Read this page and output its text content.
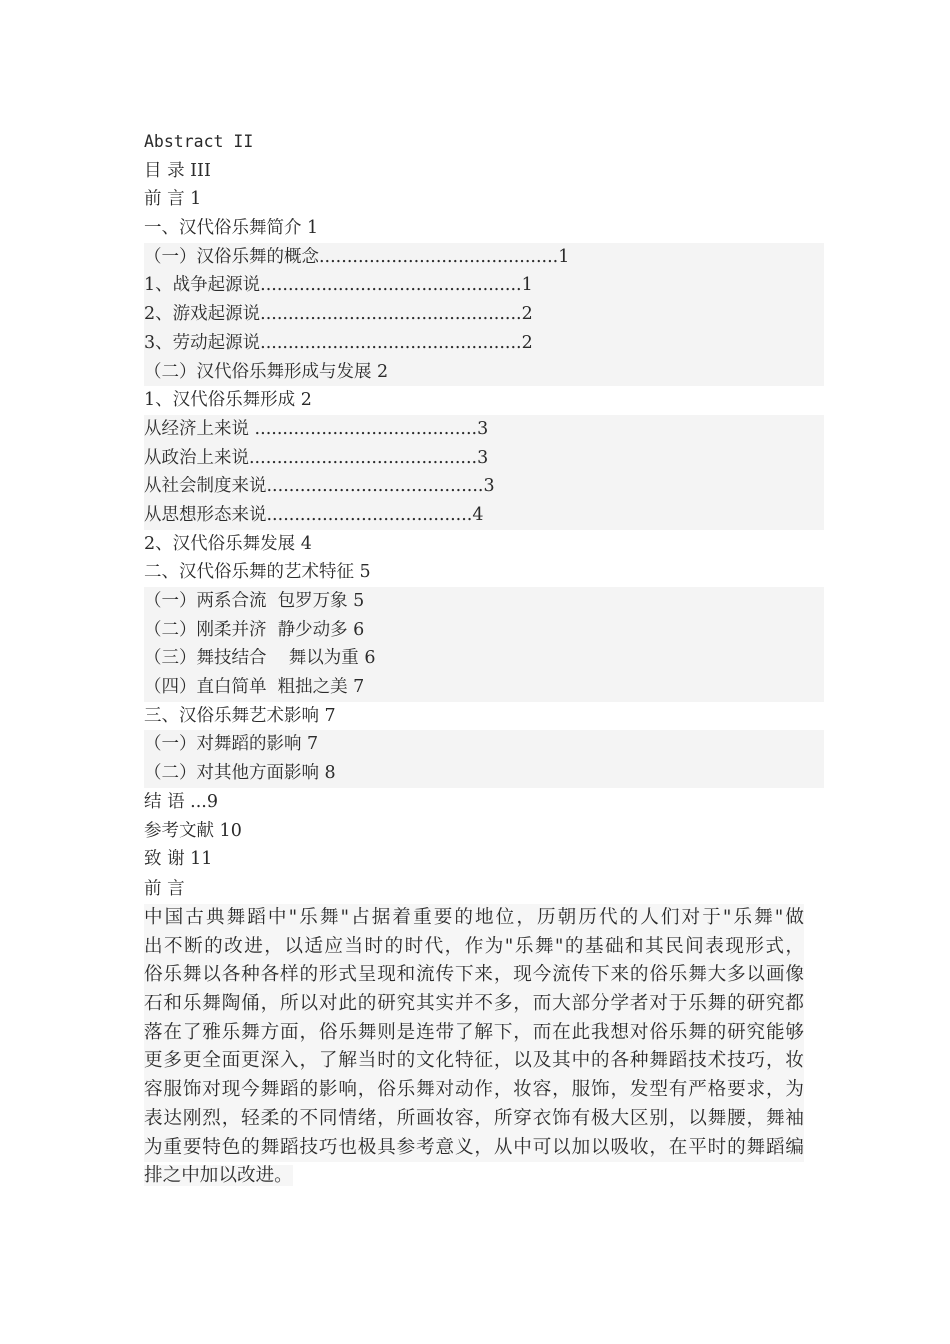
Abstract II
目 录 III
前 言 1
一、汉代俗乐舞简介 1
（一）汉俗乐舞的概念...........................................1
1、战争起源说...............................................1
2、游戏起源说...............................................2
3、劳动起源说...............................................2
（二）汉代俗乐舞形成与发展 2
1、汉代俗乐舞形成 2
从经济上来说 ........................................3
从政治上来说.........................................3
从社会制度来说.......................................3
从思想形态来说.....................................4
2、汉代俗乐舞发展 4
二、汉代俗乐舞的艺术特征 5
（一）两系合流  包罗万象 5
（二）刚柔并济  静少动多 6
（三）舞技结合    舞以为重 6
（四）直白简单  粗拙之美 7
三、汉俗乐舞艺术影响 7
（一）对舞蹈的影响 7
（二）对其他方面影响 8
结 语 ...9
参考文献 10
致 谢 11
前 言

中国古典舞蹈中"乐舞"占据着重要的地位，历朝历代的人们对于"乐舞"做

出不断的改进，以适应当时的时代，作为"乐舞"的基础和其民间表现形式，

俗乐舞以各种各样的形式呈现和流传下来，现今流传下来的俗乐舞大多以画像

石和乐舞陶俑，所以对此的研究其实并不多，而大部分学者对于乐舞的研究都

落在了雅乐舞方面，俗乐舞则是连带了解下，而在此我想对俗乐舞的研究能够

更多更全面更深入，了解当时的文化特征，以及其中的各种舞蹈技术技巧，妆

容服饰对现今舞蹈的影响，俗乐舞对动作，妆容，服饰，发型有严格要求，为

表达刚烈，轻柔的不同情绪，所画妆容，所穿衣饰有极大区别，以舞腰，舞袖

为重要特色的舞蹈技巧也极具参考意义，从中可以加以吸收，在平时的舞蹈编

排之中加以改进。
